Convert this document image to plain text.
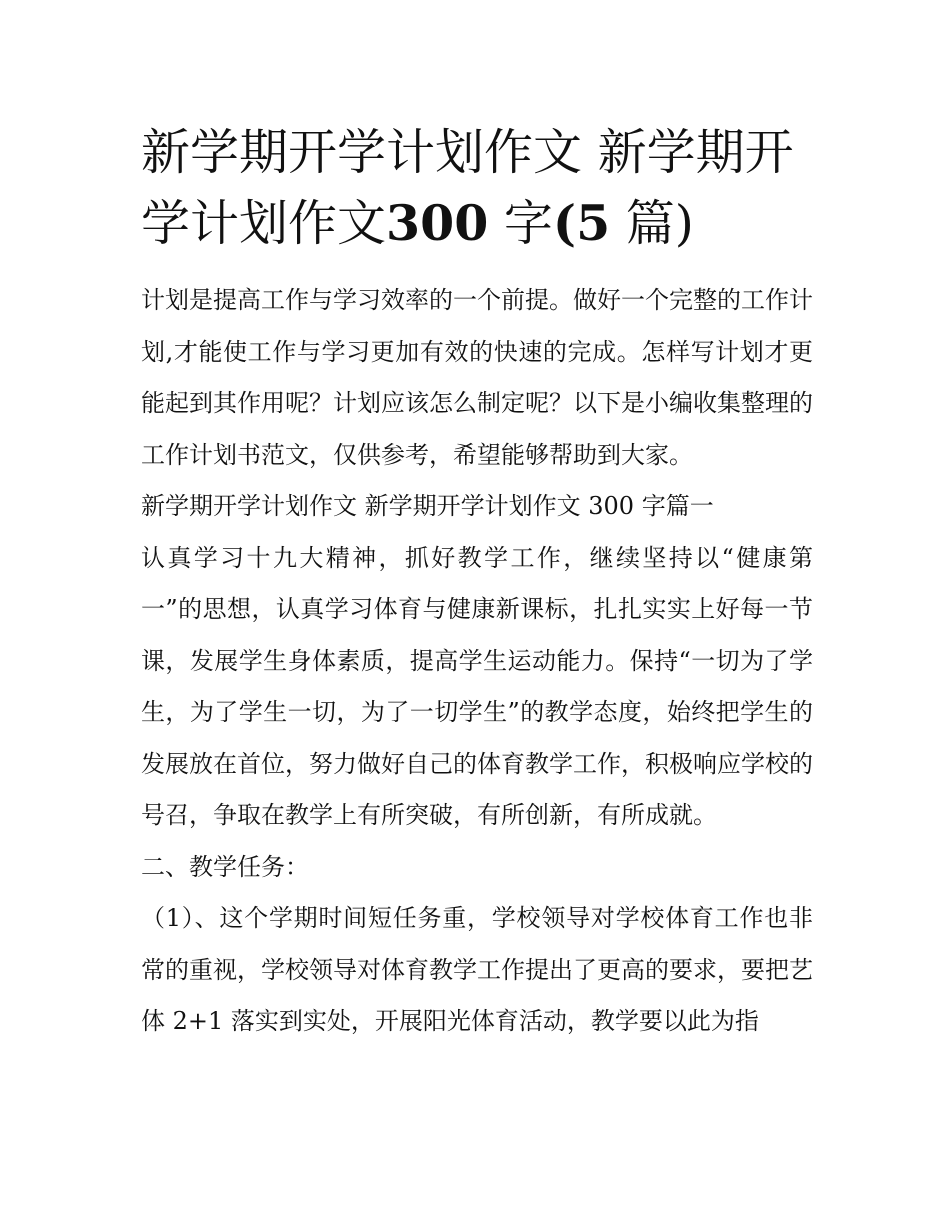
新学期开学计划作文 新学期开学计划作文300 字(5 篇)

计划是提高工作与学习效率的一个前提。做好一个完整的工作计划,才能使工作与学习更加有效的快速的完成。怎样写计划才更能起到其作用呢？计划应该怎么制定呢？以下是小编收集整理的工作计划书范文，仅供参考，希望能够帮助到大家。

新学期开学计划作文 新学期开学计划作文 300 字篇一

认真学习十九大精神，抓好教学工作，继续坚持以“健康第一”的思想，认真学习体育与健康新课标，扎扎实实上好每一节课，发展学生身体素质，提高学生运动能力。保持“一切为了学生，为了学生一切，为了一切学生”的教学态度，始终把学生的发展放在首位，努力做好自己的体育教学工作，积极响应学校的号召，争取在教学上有所突破，有所创新，有所成就。

二、教学任务：

（1）、这个学期时间短任务重，学校领导对学校体育工作也非常的重视，学校领导对体育教学工作提出了更高的要求，要把艺体 2+1 落实到实处，开展阳光体育活动，教学要以此为指
